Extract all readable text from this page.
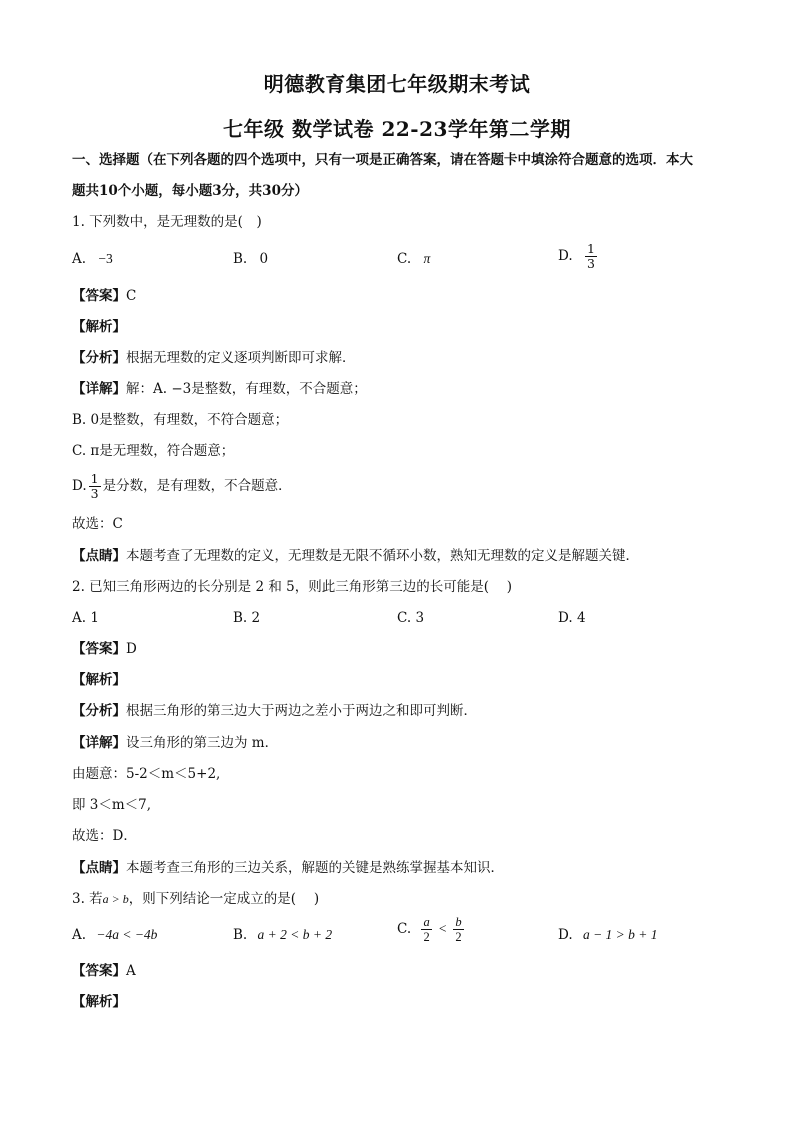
明德教育集团七年级期末考试
七年级 数学试卷 22-23学年第二学期
一、选择题（在下列各题的四个选项中，只有一项是正确答案，请在答题卡中填涂符合题意的选项．本大
题共10个小题，每小题3分，共30分）
1. 下列数中，是无理数的是(　)
A. −3	B. 0	C. π	D. $\frac{1}{3}$
【答案】C
【解析】
【分析】根据无理数的定义逐项判断即可求解．
【详解】解：A. −3是整数，有理数，不合题意；
B. 0是整数，有理数，不符合题意；
C. π是无理数，符合题意；
D. $\frac{1}{3}$ 是分数，是有理数，不合题意．
故选：C
【点睛】本题考查了无理数的定义，无理数是无限不循环小数，熟知无理数的定义是解题关键．
2. 已知三角形两边的长分别是 2 和 5，则此三角形第三边的长可能是(　 )
A. 1	B. 2	C. 3	D. 4
【答案】D
【解析】
【分析】根据三角形的第三边大于两边之差小于两边之和即可判断．
【详解】设三角形的第三边为 m．
由题意：5-2＜m＜5+2,
即 3＜m＜7,
故选：D．
【点睛】本题考查三角形的三边关系，解题的关键是熟练掌握基本知识．
3. 若a > b，则下列结论一定成立的是(　 )
A. −4a < −4b	B. a + 2 < b + 2	C. $\frac{a}{2} < \frac{b}{2}$	D. a − 1 > b + 1
【答案】A
【解析】
